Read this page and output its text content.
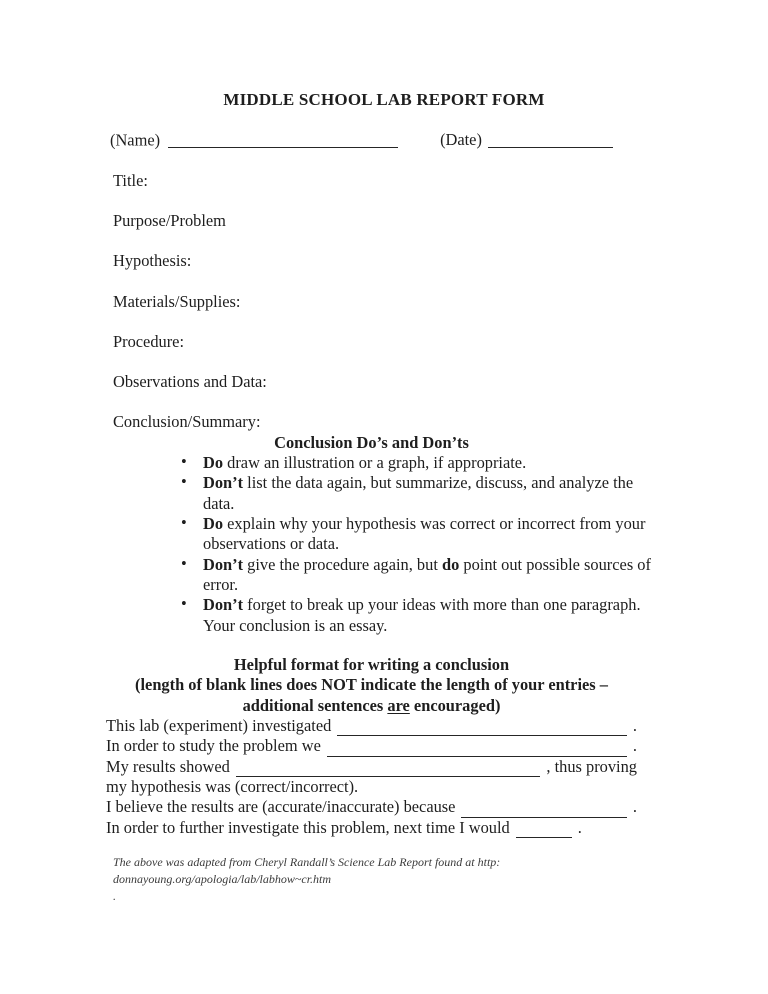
MIDDLE SCHOOL LAB REPORT FORM
(Name)	(Date)
Title:
Purpose/Problem
Hypothesis:
Materials/Supplies:
Procedure:
Observations and Data:
Conclusion/Summary:
Conclusion Do’s and Don’ts
• Do draw an illustration or a graph, if appropriate.
• Don’t list the data again, but summarize, discuss, and analyze the data.
• Do explain why your hypothesis was correct or incorrect from your observations or data.
• Don’t give the procedure again, but do point out possible sources of error.
• Don’t forget to break up your ideas with more than one paragraph.  Your conclusion is an essay.
Helpful format for writing a conclusion
(length of blank lines does NOT indicate the length of your entries –
additional sentences are encouraged)
This lab (experiment) investigated	.
In order to study the problem we	.
My results showed	, thus proving
my hypothesis was (correct/incorrect).
I believe the results are (accurate/inaccurate) because	.
In order to further investigate this problem, next time I would	.
The above was adapted from Cheryl Randall’s Science Lab Report found at http:
donnayoung.org/apologia/lab/labhow~cr.htm
.
